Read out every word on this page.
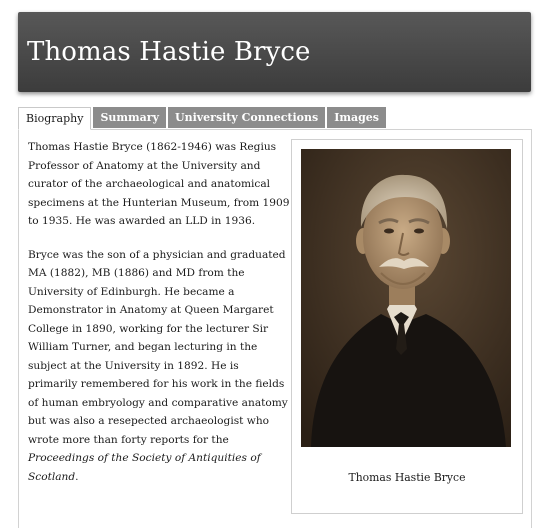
Thomas Hastie Bryce
Biography	Summary	University Connections	Images

Thomas Hastie Bryce (1862-1946) was Regius Professor of Anatomy at the University and curator of the archaeological and anatomical specimens at the Hunterian Museum, from 1909 to 1935. He was awarded an LLD in 1936.

Bryce was the son of a physician and graduated MA (1882), MB (1886) and MD from the University of Edinburgh. He became a Demonstrator in Anatomy at Queen Margaret College in 1890, working for the lecturer Sir William Turner, and began lecturing in the subject at the University in 1892. He is primarily remembered for his work in the fields of human embryology and comparative anatomy but was also a resepected archaeologist who wrote more than forty reports for the Proceedings of the Society of Antiquities of Scotland.	Thomas Hastie Bryce
